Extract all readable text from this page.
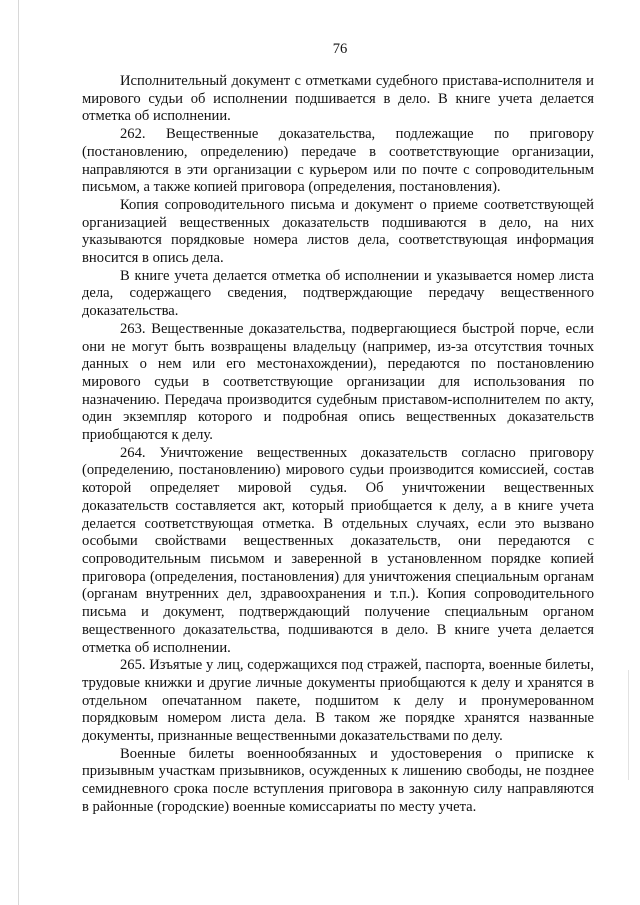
76

Исполнительный документ с отметками судебного пристава-исполнителя и мирового судьи об исполнении подшивается в дело. В книге учета делается отметка об исполнении.

262. Вещественные доказательства, подлежащие по приговору (постановлению, определению) передаче в соответствующие организации, направляются в эти организации с курьером или по почте с сопроводительным письмом, а также копией приговора (определения, постановления).

Копия сопроводительного письма и документ о приеме соответствующей организацией вещественных доказательств подшиваются в дело, на них указываются порядковые номера листов дела, соответствующая информация вносится в опись дела.

В книге учета делается отметка об исполнении и указывается номер листа дела, содержащего сведения, подтверждающие передачу вещественного доказательства.

263. Вещественные доказательства, подвергающиеся быстрой порче, если они не могут быть возвращены владельцу (например, из-за отсутствия точных данных о нем или его местонахождении), передаются по постановлению мирового судьи в соответствующие организации для использования по назначению. Передача производится судебным приставом-исполнителем по акту, один экземпляр которого и подробная опись вещественных доказательств приобщаются к делу.

264. Уничтожение вещественных доказательств согласно приговору (определению, постановлению) мирового судьи производится комиссией, состав которой определяет мировой судья. Об уничтожении вещественных доказательств составляется акт, который приобщается к делу, а в книге учета делается соответствующая отметка. В отдельных случаях, если это вызвано особыми свойствами вещественных доказательств, они передаются с сопроводительным письмом и заверенной в установленном порядке копией приговора (определения, постановления) для уничтожения специальным органам (органам внутренних дел, здравоохранения и т.п.). Копия сопроводительного письма и документ, подтверждающий получение специальным органом вещественного доказательства, подшиваются в дело. В книге учета делается отметка об исполнении.

265. Изъятые у лиц, содержащихся под стражей, паспорта, военные билеты, трудовые книжки и другие личные документы приобщаются к делу и хранятся в отдельном опечатанном пакете, подшитом к делу и пронумерованном порядковым номером листа дела. В таком же порядке хранятся названные документы, признанные вещественными доказательствами по делу.

Военные билеты военнообязанных и удостоверения о приписке к призывным участкам призывников, осужденных к лишению свободы, не позднее семидневного срока после вступления приговора в законную силу направляются в районные (городские) военные комиссариаты по месту учета.
